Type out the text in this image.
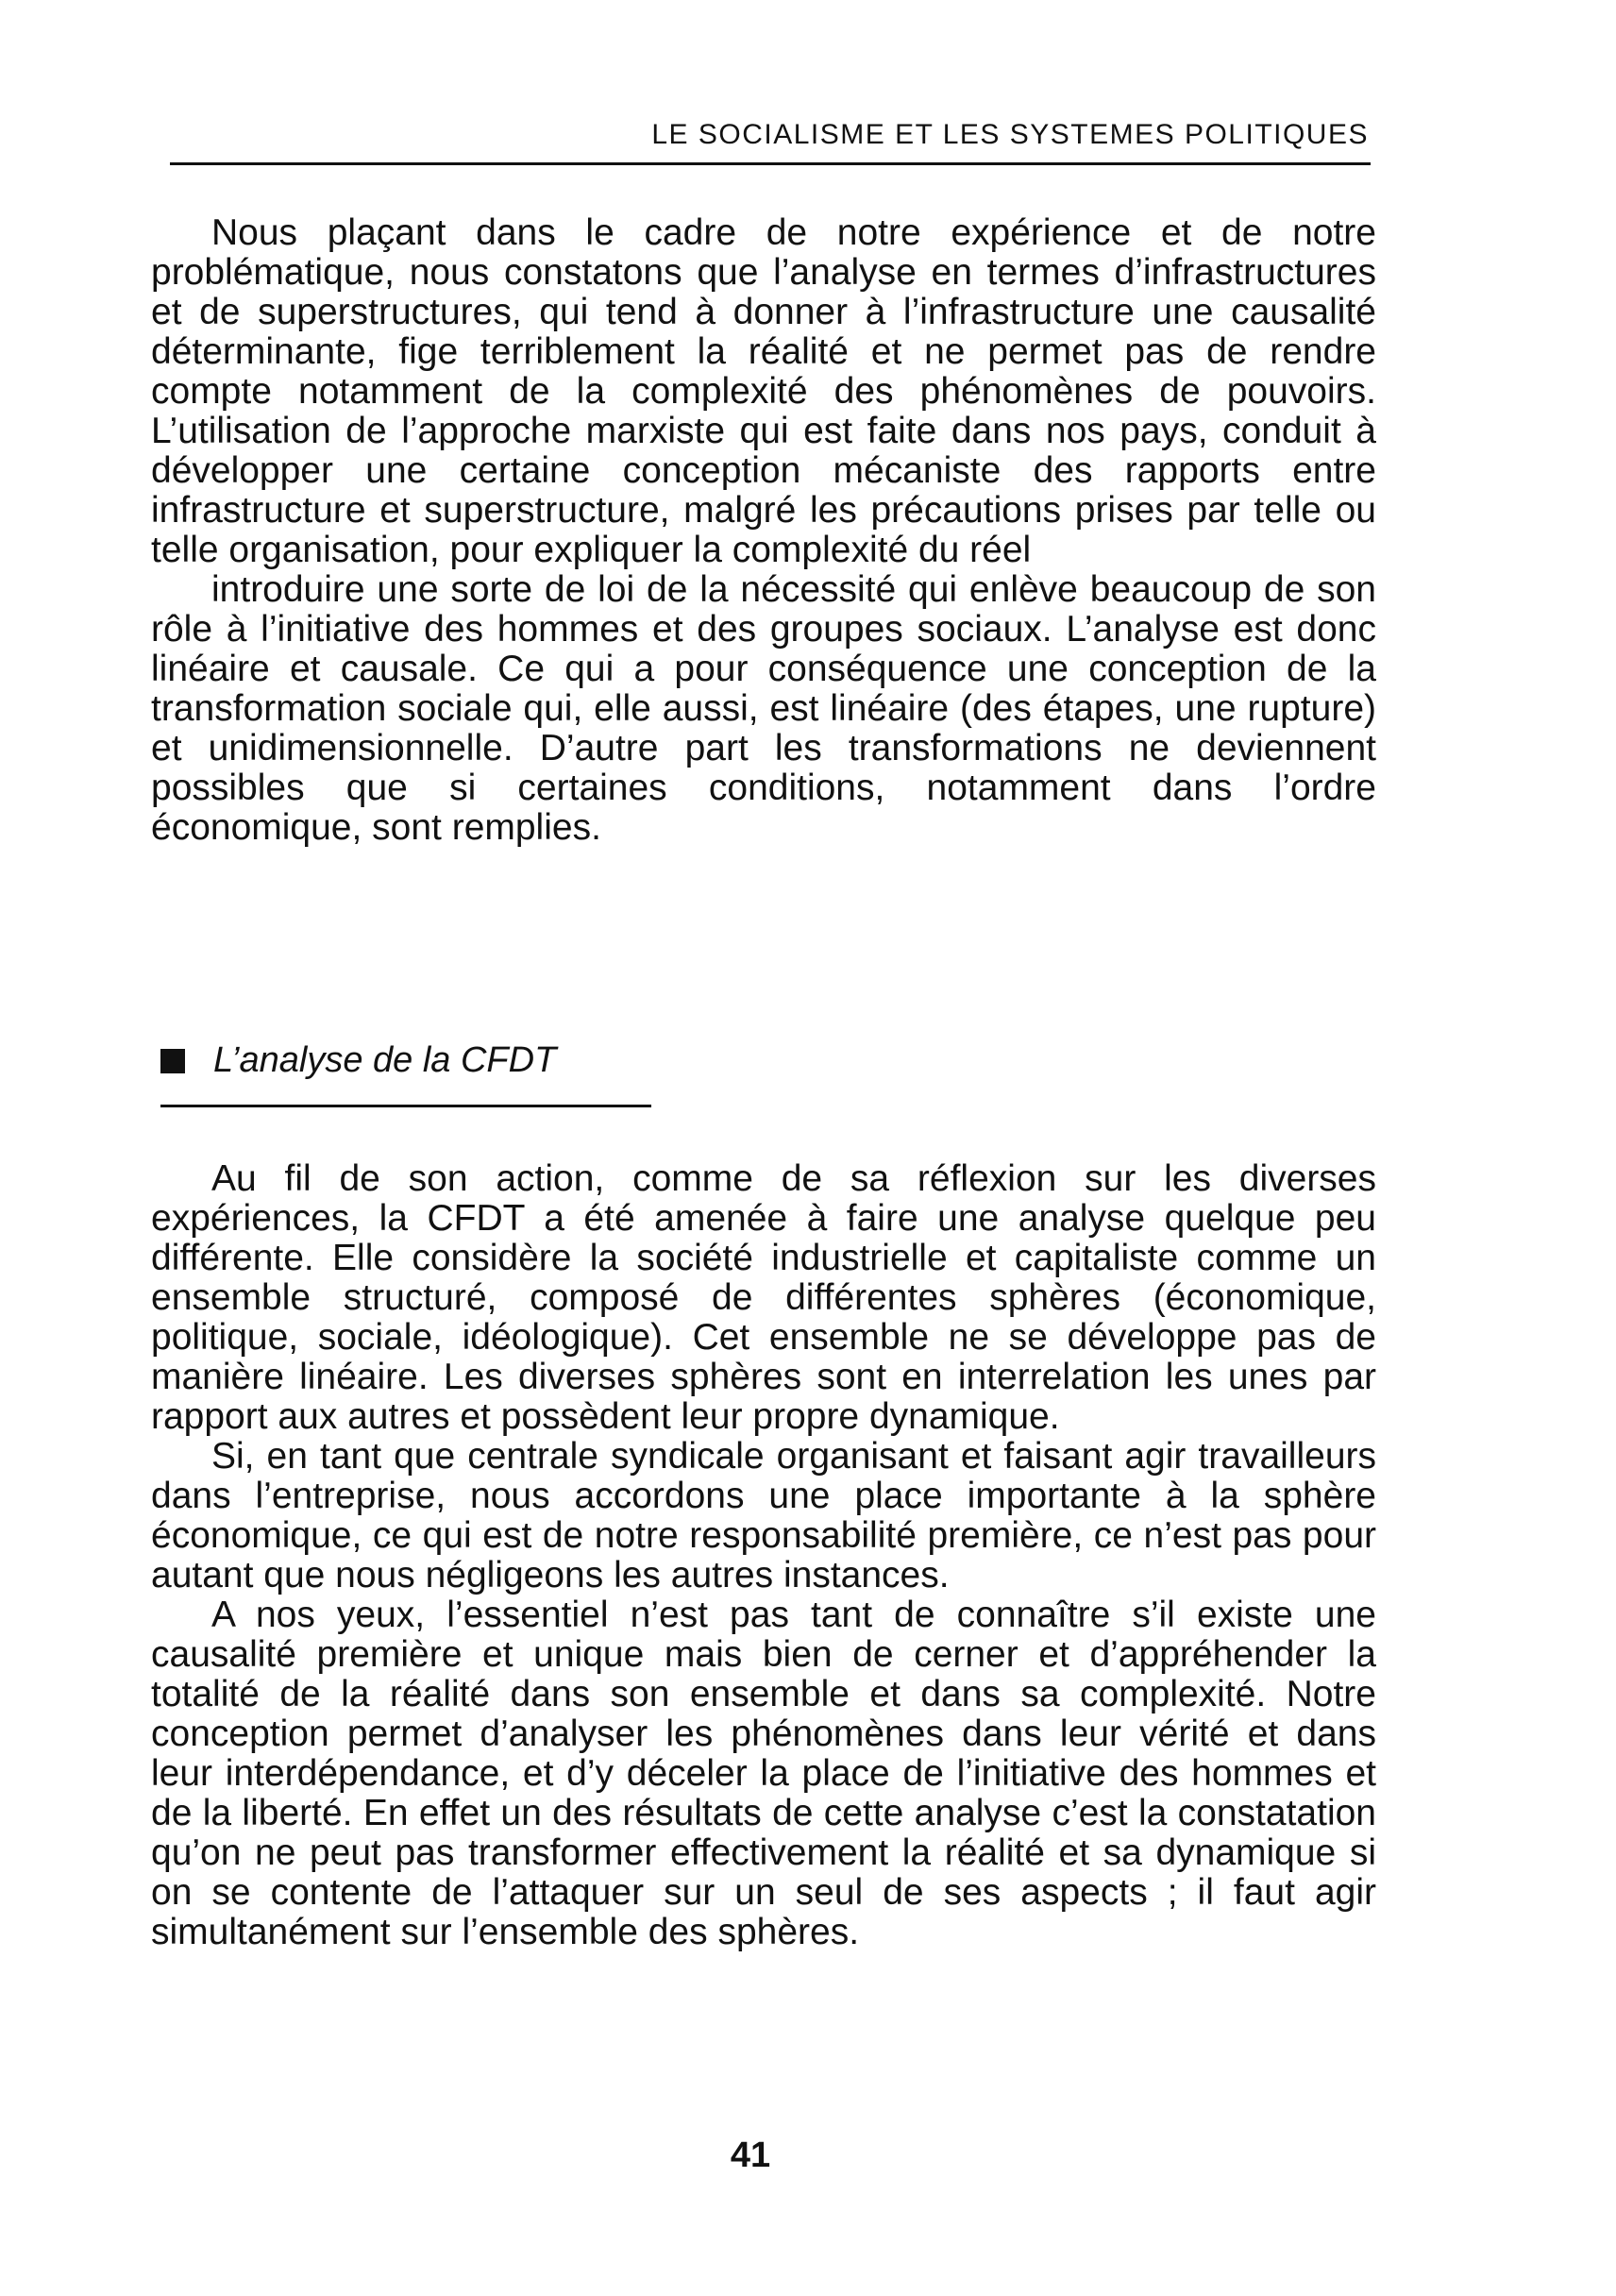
LE SOCIALISME ET LES SYSTEMES POLITIQUES

Nous plaçant dans le cadre de notre expérience et de notre problématique, nous constatons que l’analyse en termes d’infrastructures et de superstructures, qui tend à donner à l’infrastructure une causalité déterminante, fige terriblement la réalité et ne permet pas de rendre compte notamment de la complexité des phénomènes de pouvoirs. L’utilisation de l’approche marxiste qui est faite dans nos pays, conduit à développer une certaine conception mécaniste des rapports entre infrastructure et superstructure, malgré les précautions prises par telle ou telle organisation, pour expliquer la complexité du réel

introduire une sorte de loi de la nécessité qui enlève beaucoup de son rôle à l’initiative des hommes et des groupes sociaux. L’analyse est donc linéaire et causale. Ce qui a pour conséquence une conception de la transformation sociale qui, elle aussi, est linéaire (des étapes, une rupture) et unidimensionnelle. D’autre part les transformations ne deviennent possibles que si certaines conditions, notamment dans l’ordre économique, sont remplies.

L’analyse de la CFDT

Au fil de son action, comme de sa réflexion sur les diverses expériences, la CFDT a été amenée à faire une analyse quelque peu différente. Elle considère la société industrielle et capitaliste comme un ensemble structuré, composé de différentes sphères (économique, politique, sociale, idéologique). Cet ensemble ne se développe pas de manière linéaire. Les diverses sphères sont en interrelation les unes par rapport aux autres et possèdent leur propre dynamique.

Si, en tant que centrale syndicale organisant et faisant agir travailleurs dans l’entreprise, nous accordons une place importante à la sphère économique, ce qui est de notre responsabilité première, ce n’est pas pour autant que nous négligeons les autres instances.

A nos yeux, l’essentiel n’est pas tant de connaître s’il existe une causalité première et unique mais bien de cerner et d’appréhender la totalité de la réalité dans son ensemble et dans sa complexité. Notre conception permet d’analyser les phénomènes dans leur vérité et dans leur interdépendance, et d’y déceler la place de l’initiative des hommes et de la liberté. En effet un des résultats de cette analyse c’est la constatation qu’on ne peut pas transformer effectivement la réalité et sa dynamique si on se contente de l’attaquer sur un seul de ses aspects ; il faut agir simultanément sur l’ensemble des sphères.

41
